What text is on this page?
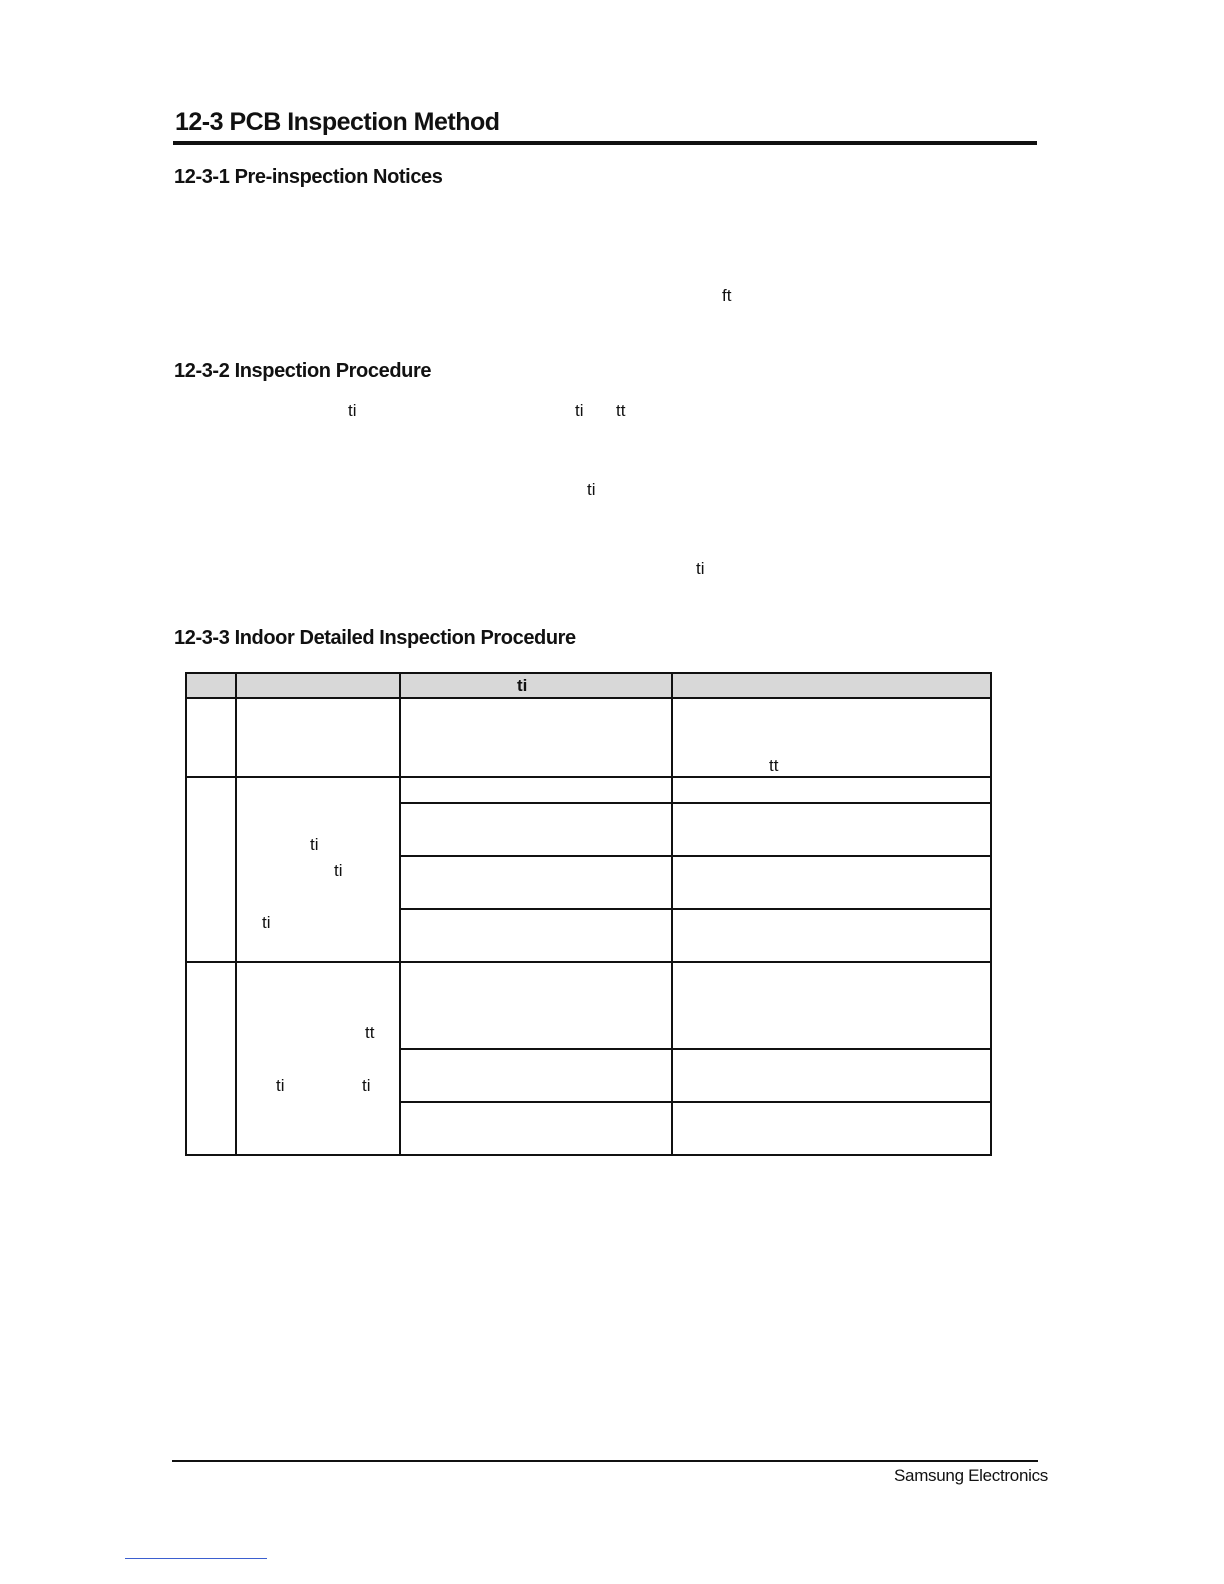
12-3 PCB Inspection Method
12-3-1 Pre-inspection Notices
ft
12-3-2 Inspection Procedure
ti	ti tt
ti
ti
12-3-3 Indoor Detailed Inspection Procedure
ti
tt
ti
ti
ti
tt
ti	ti
Samsung Electronics
